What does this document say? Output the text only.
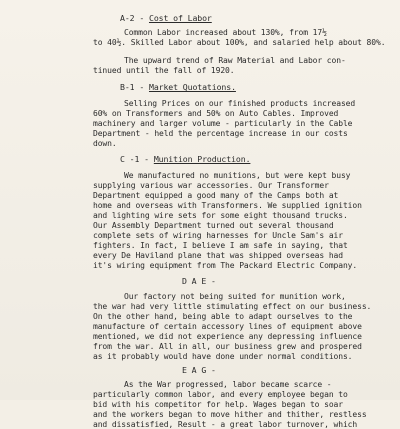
A-2 - Cost of Labor
Common Labor increased about 130%, from 17½
to 40½. Skilled Labor about 100%, and salaried help about 80%.
The upward trend of Raw Material and Labor con-
tinued until the fall of 1920.
B-1 - Market Quotations.
Selling Prices on our finished products increased
60% on Transformers and 50% on Auto Cables. Improved
machinery and larger volume - particularly in the Cable
Department - held the percentage increase in our costs
down.
C -1 - Munition Production.
We manufactured no munitions, but were kept busy
supplying various war accessories. Our Transformer
Department equipped a good many of the Camps both at
home and overseas with Transformers. We supplied ignition
and lighting wire sets for some eight thousand trucks.
Our Assembly Department turned out several thousand
complete sets of wiring harnesses for Uncle Sam's air
fighters. In fact, I believe I am safe in saying, that
every De Haviland plane that was shipped overseas had
it's wiring equipment from The Packard Electric Company.
D A E -
Our factory not being suited for munition work,
the war had very little stimulating effect on our business.
On the other hand, being able to adapt ourselves to the
manufacture of certain accessory lines of equipment above
mentioned, we did not experience any depressing influence
from the war. All in all, our business grew and prospered
as it probably would have done under normal conditions.
E A G -
As the War progressed, labor became scarce -
particularly common labor, and every employee began to
bid with his competitor for help. Wages began to soar
and the workers began to move hither and thither, restless
and dissatisfied, Result - a great labor turnover, which
